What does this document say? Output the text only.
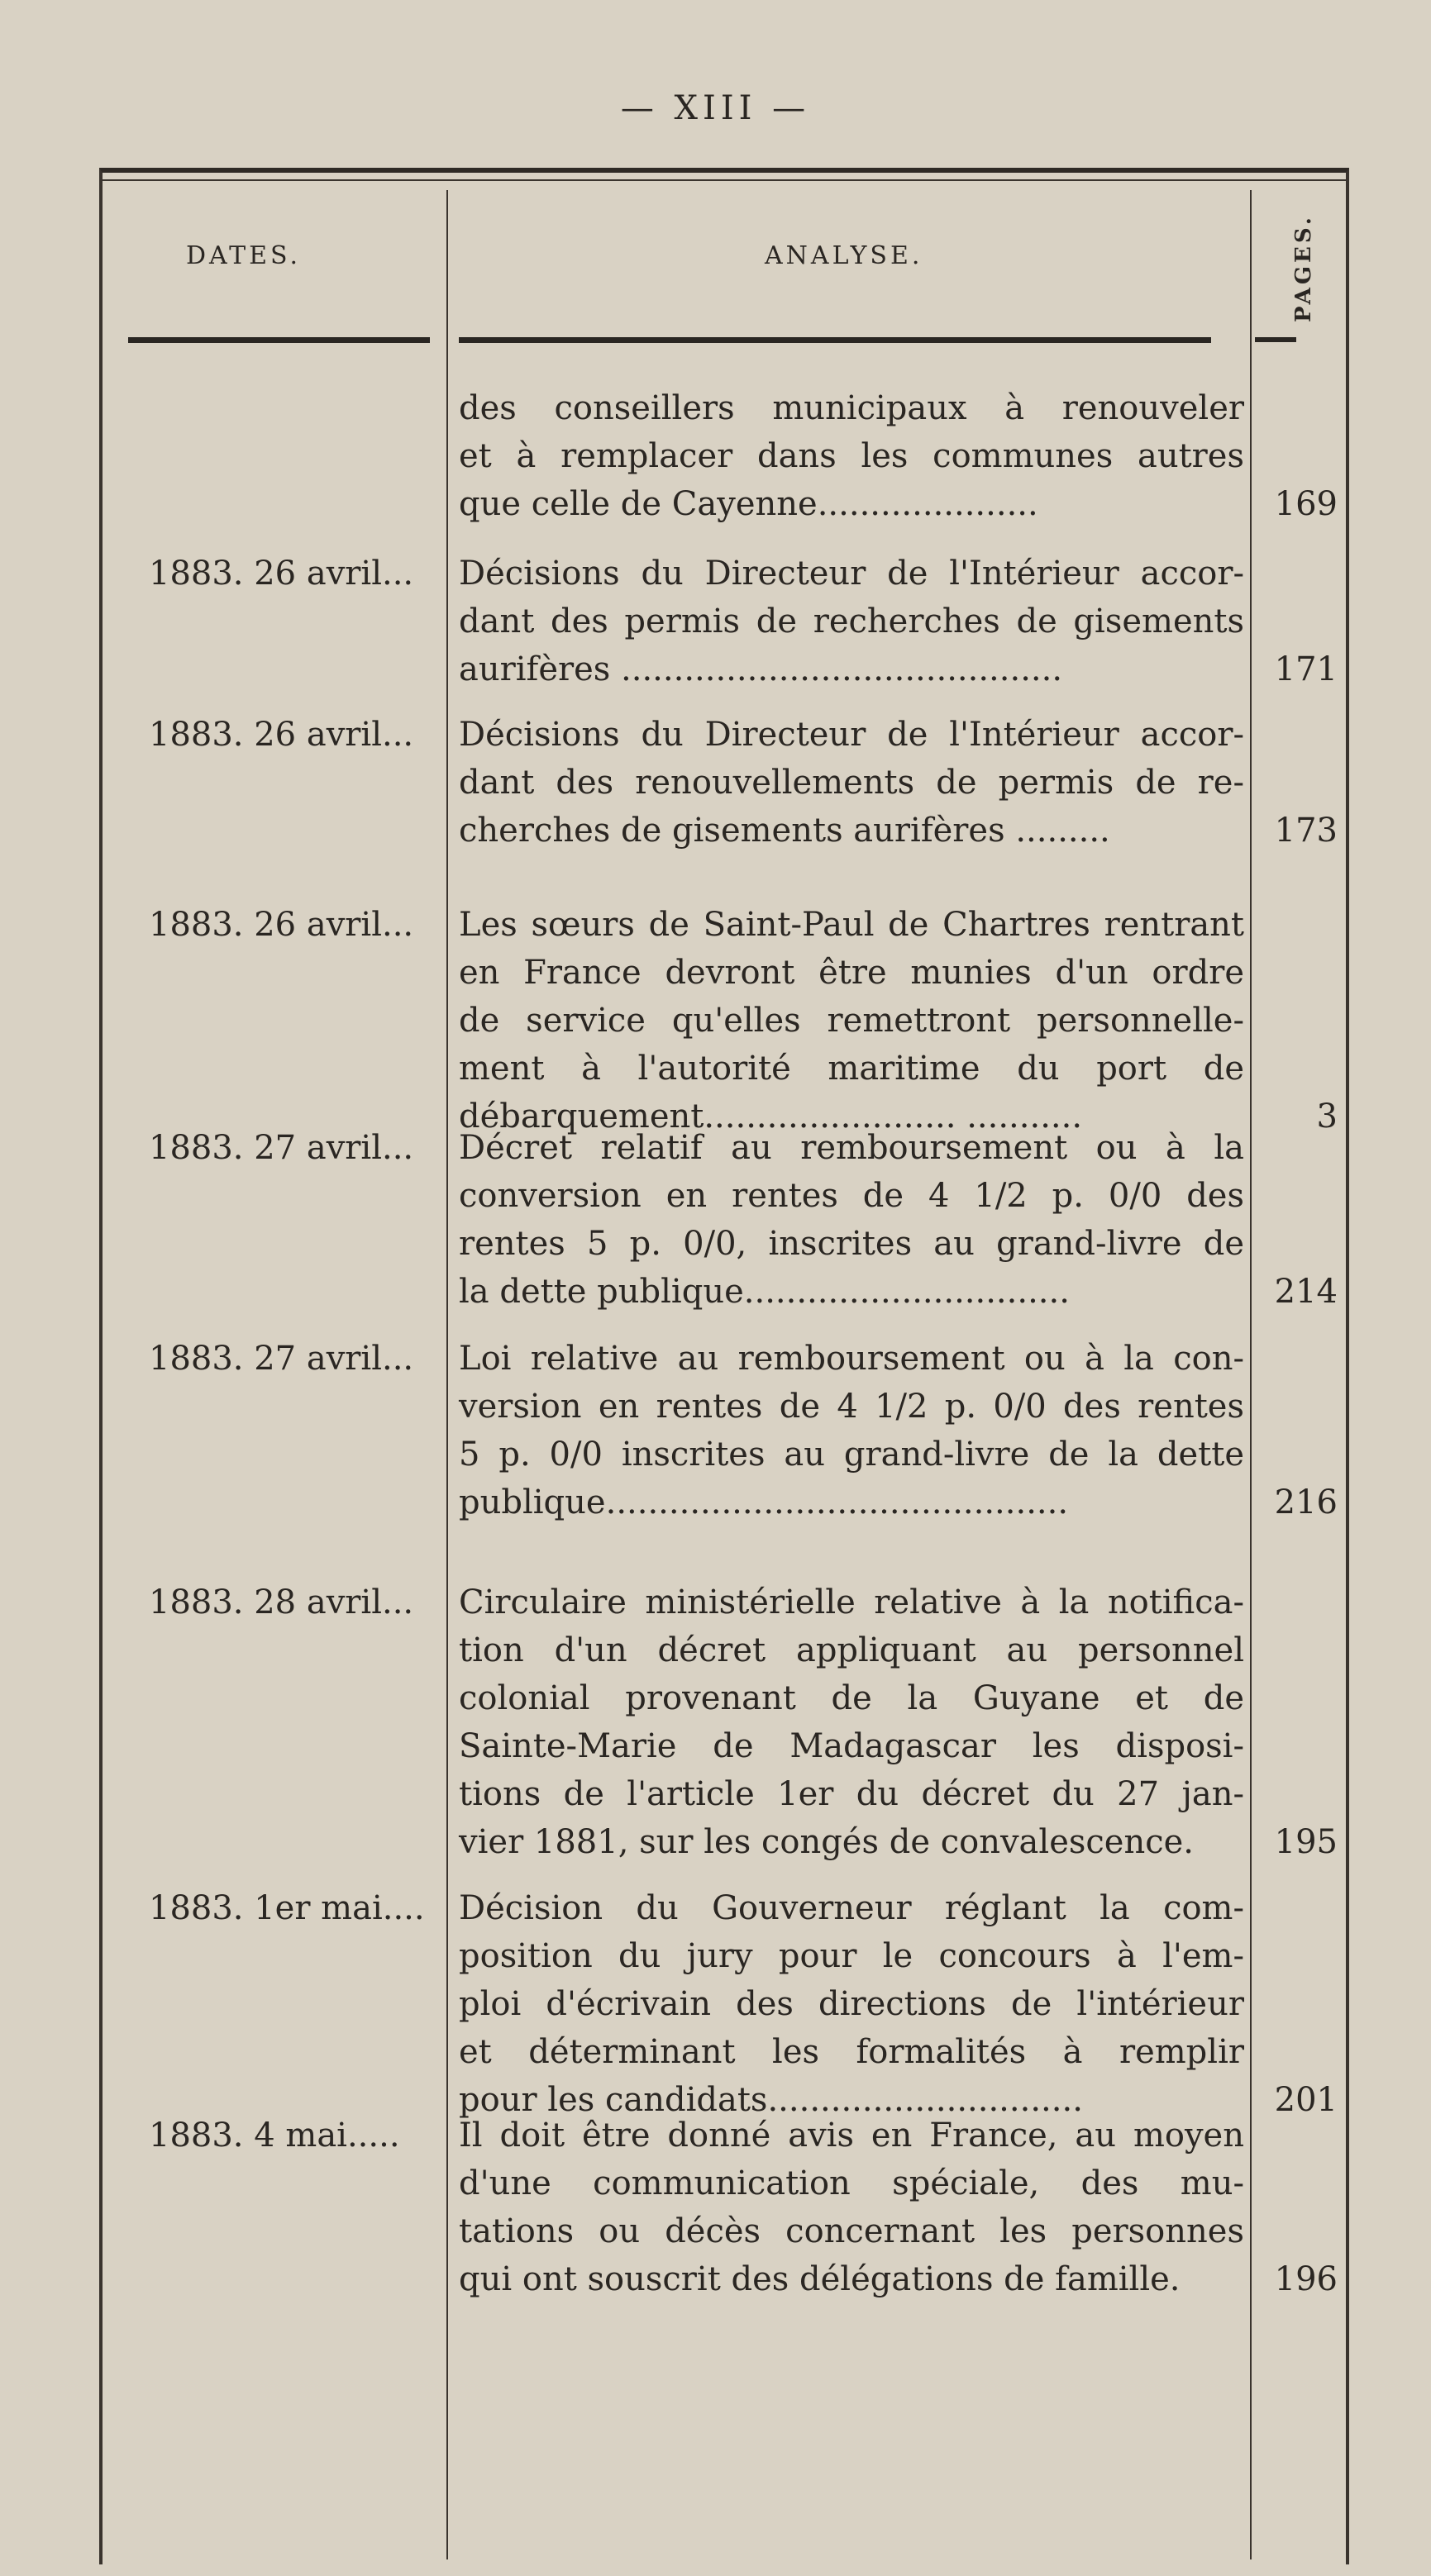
— XIII —
DATES.	ANALYSE.	PAGES.
des conseillers municipaux à renouveler
et à remplacer dans les communes autres
que celle de Cayenne.....................	169
1883. 26 avril...	Décisions du Directeur de l'Intérieur accor-
dant des permis de recherches de gisements
aurifères ..........................................	171
1883. 26 avril...	Décisions du Directeur de l'Intérieur accor-
dant des renouvellements de permis de re-
cherches de gisements aurifères .........	173
1883. 26 avril...	Les sœurs de Saint-Paul de Chartres rentrant
en France devront être munies d'un ordre
de service qu'elles remettront personnelle-
ment à l'autorité maritime du port de
débarquement........................ ...........	3
1883. 27 avril...	Décret relatif au remboursement ou à la
conversion en rentes de 4 1/2 p. 0/0 des
rentes 5 p. 0/0, inscrites au grand-livre de
la dette publique...............................	214
1883. 27 avril...	Loi relative au remboursement ou à la con-
version en rentes de 4 1/2 p. 0/0 des rentes
5 p. 0/0 inscrites au grand-livre de la dette
publique............................................	216
1883. 28 avril...	Circulaire ministérielle relative à la notifica-
tion d'un décret appliquant au personnel
colonial provenant de la Guyane et de
Sainte-Marie de Madagascar les disposi-
tions de l'article 1er du décret du 27 jan-
vier 1881, sur les congés de convalescence.	195
1883. 1er mai.... Décision du Gouverneur réglant la com-
position du jury pour le concours à l'em-
ploi d'écrivain des directions de l'intérieur
et déterminant les formalités à remplir
pour les candidats..............................	201
1883. 4 mai.....	Il doit être donné avis en France, au moyen
d'une communication spéciale, des mu-
tations ou décès concernant les personnes
qui ont souscrit des délégations de famille.	196
